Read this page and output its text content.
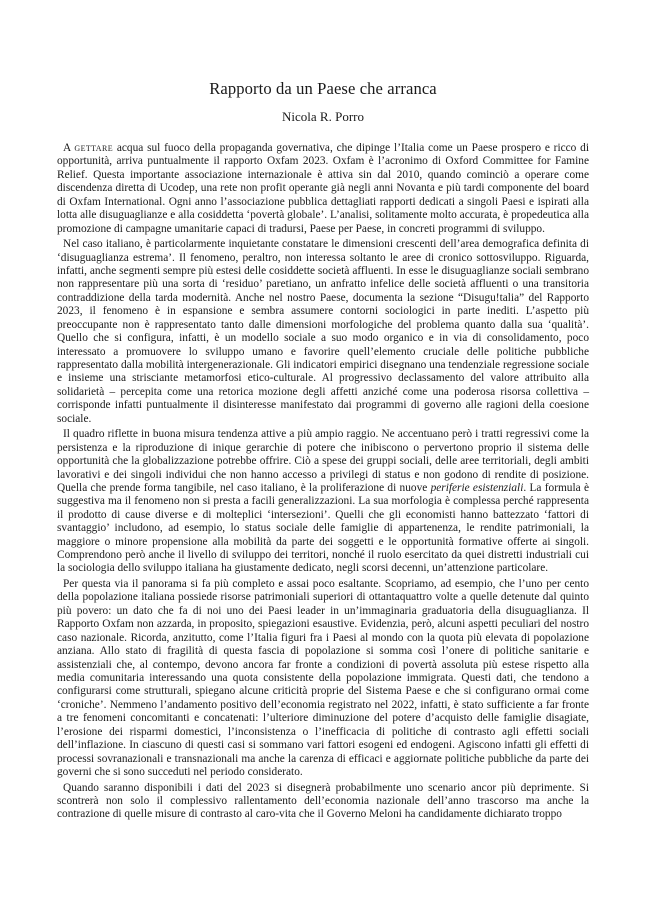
Rapporto da un Paese che arranca
Nicola R. Porro

A gettare acqua sul fuoco della propaganda governativa, che dipinge l’Italia come un Paese prospero e ricco di opportunità, arriva puntualmente il rapporto Oxfam 2023. Oxfam è l’acronimo di Oxford Committee for Famine Relief. Questa importante associazione internazionale è attiva sin dal 2010, quando cominciò a operare come discendenza diretta di Ucodep, una rete non profit operante già negli anni Novanta e più tardi componente del board di Oxfam International. Ogni anno l’associazione pubblica dettagliati rapporti dedicati a singoli Paesi e ispirati alla lotta alle disuguaglianze e alla cosiddetta ‘povertà globale’. L’analisi, solitamente molto accurata, è propedeutica alla promozione di campagne umanitarie capaci di tradursi, Paese per Paese, in concreti programmi di sviluppo.

Nel caso italiano, è particolarmente inquietante constatare le dimensioni crescenti dell’area demografica definita di ‘disuguaglianza estrema’. Il fenomeno, peraltro, non interessa soltanto le aree di cronico sottosviluppo. Riguarda, infatti, anche segmenti sempre più estesi delle cosiddette società affluenti. In esse le disuguaglianze sociali sembrano non rappresentare più una sorta di ‘residuo’ paretiano, un anfratto infelice delle società affluenti o una transitoria contraddizione della tarda modernità. Anche nel nostro Paese, documenta la sezione “Disugu!talia” del Rapporto 2023, il fenomeno è in espansione e sembra assumere contorni sociologici in parte inediti. L’aspetto più preoccupante non è rappresentato tanto dalle dimensioni morfologiche del problema quanto dalla sua ‘qualità’. Quello che si configura, infatti, è un modello sociale a suo modo organico e in via di consolidamento, poco interessato a promuovere lo sviluppo umano e favorire quell’elemento cruciale delle politiche pubbliche rappresentato dalla mobilità intergenerazionale. Gli indicatori empirici disegnano una tendenziale regressione sociale e insieme una strisciante metamorfosi etico-culturale. Al progressivo declassamento del valore attribuito alla solidarietà – percepita come una retorica mozione degli affetti anziché come una poderosa risorsa collettiva – corrisponde infatti puntualmente il disinteresse manifestato dai programmi di governo alle ragioni della coesione sociale.

Il quadro riflette in buona misura tendenza attive a più ampio raggio. Ne accentuano però i tratti regressivi come la persistenza e la riproduzione di inique gerarchie di potere che inibiscono o pervertono proprio il sistema delle opportunità che la globalizzazione potrebbe offrire. Ciò a spese dei gruppi sociali, delle aree territoriali, degli ambiti lavorativi e dei singoli individui che non hanno accesso a privilegi di status e non godono di rendite di posizione. Quella che prende forma tangibile, nel caso italiano, è la proliferazione di nuove periferie esistenziali. La formula è suggestiva ma il fenomeno non si presta a facili generalizzazioni. La sua morfologia è complessa perché rappresenta il prodotto di cause diverse e di molteplici ‘intersezioni’. Quelli che gli economisti hanno battezzato ‘fattori di svantaggio’ includono, ad esempio, lo status sociale delle famiglie di appartenenza, le rendite patrimoniali, la maggiore o minore propensione alla mobilità da parte dei soggetti e le opportunità formative offerte ai singoli. Comprendono però anche il livello di sviluppo dei territori, nonché il ruolo esercitato da quei distretti industriali cui la sociologia dello sviluppo italiana ha giustamente dedicato, negli scorsi decenni, un’attenzione particolare.

Per questa via il panorama si fa più completo e assai poco esaltante. Scopriamo, ad esempio, che l’uno per cento della popolazione italiana possiede risorse patrimoniali superiori di ottantaquattro volte a quelle detenute dal quinto più povero: un dato che fa di noi uno dei Paesi leader in un’immaginaria graduatoria della disuguaglianza. Il Rapporto Oxfam non azzarda, in proposito, spiegazioni esaustive. Evidenzia, però, alcuni aspetti peculiari del nostro caso nazionale. Ricorda, anzitutto, come l’Italia figuri fra i Paesi al mondo con la quota più elevata di popolazione anziana. Allo stato di fragilità di questa fascia di popolazione si somma così l’onere di politiche sanitarie e assistenziali che, al contempo, devono ancora far fronte a condizioni di povertà assoluta più estese rispetto alla media comunitaria interessando una quota consistente della popolazione immigrata. Questi dati, che tendono a configurarsi come strutturali, spiegano alcune criticità proprie del Sistema Paese e che si configurano ormai come ‘croniche’. Nemmeno l’andamento positivo dell’economia registrato nel 2022, infatti, è stato sufficiente a far fronte a tre fenomeni concomitanti e concatenati: l’ulteriore diminuzione del potere d’acquisto delle famiglie disagiate, l’erosione dei risparmi domestici, l’inconsistenza o l’inefficacia di politiche di contrasto agli effetti sociali dell’inflazione. In ciascuno di questi casi si sommano vari fattori esogeni ed endogeni. Agiscono infatti gli effetti di processi sovranazionali e transnazionali ma anche la carenza di efficaci e aggiornate politiche pubbliche da parte dei governi che si sono succeduti nel periodo considerato.

Quando saranno disponibili i dati del 2023 si disegnerà probabilmente uno scenario ancor più deprimente. Si scontrerà non solo il complessivo rallentamento dell’economia nazionale dell’anno trascorso ma anche la contrazione di quelle misure di contrasto al caro-vita che il Governo Meloni ha candidamente dichiarato troppo
